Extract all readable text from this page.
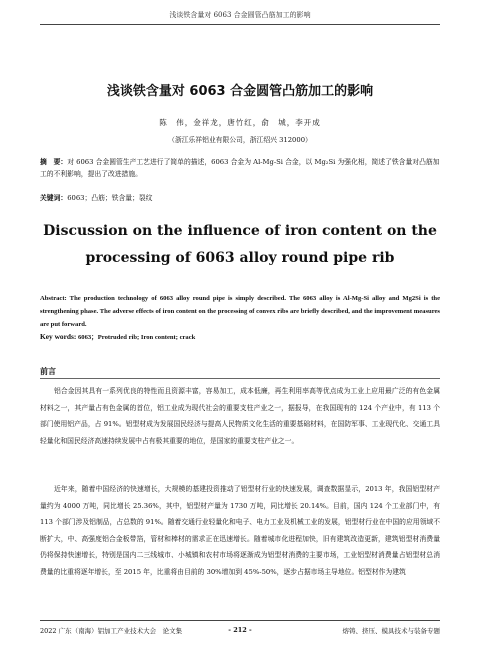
浅谈铁含量对 6063 合金圆管凸筋加工的影响
浅谈铁含量对 6063 合金圆管凸筋加工的影响
陈　伟，金祥龙，唐竹红，俞　城，李开成
（浙江乐祥铝业有限公司，浙江绍兴 312000）
摘　要：对 6063 合金圆管生产工艺进行了简单的描述，6063 合金为 Al-Mg-Si 合金，以 Mg₂Si 为强化相，简述了铁含量对凸筋加工的不利影响，提出了改进措施。
关键词：6063；凸筋；铁含量；裂纹
Discussion on the influence of iron content on the processing of 6063 alloy round pipe rib
Abstract: The production technology of 6063 alloy round pipe is simply described. The 6063 alloy is Al-Mg-Si alloy and Mg2Si is the strengthening phase. The adverse effects of iron content on the processing of convex ribs are briefly described, and the improvement measures are put forward.
Key words: 6063；Protruded rib; Iron content; crack
前言

铝合金因其具有一系列优良的特性而且资源丰富，容易加工，成本低廉，再生利用率高等优点成为工业上应用最广泛的有色金属材料之一，其产量占有色金属的首位，铝工业成为现代社会的重要支柱产业之一，据报导，在我国现有的 124 个产业中，有 113 个部门使用铝产品，占 91%。铝型材成为发展国民经济与提高人民物质文化生活的重要基础材料，在国防军事、工业现代化、交通工具轻量化和国民经济高速持续发展中占有极其重要的地位，是国家的重要支柱产业之一。

近年来，随着中国经济的快速增长，大规模的基建投资推动了铝型材行业的快速发展，调查数据显示，2013 年，我国铝型材产量约为 4000 万吨，同比增长 25.36%，其中，铝型材产量为 1730 万吨，同比增长 20.14%。目前，国内 124 个工业部门中，有 113 个部门涉及铝制品，占总数的 91%。随着交通行业轻量化和电子、电力工业及机械工业的发展，铝型材行业在中国的应用领域不断扩大，中、高强度铝合金板带箔，管材和棒材的需求正在迅速增长。随着城市化进程加快，旧有建筑改造更新，建筑铝型材消费量仍将保持快速增长，特别是国内二三线城市、小城镇和农村市场将逐渐成为铝型材消费的主要市场，工业铝型材消费量占铝型材总消费量的比重将逐年增长，至 2015 年，比重将由目前的 30%增加到 45%-50%，逐步占据市场主导地位。铝型材作为建筑

2022 广东（南海）铝加工产业技术大会　论文集	- 212 -	熔铸、挤压、模具技术与装备专题
